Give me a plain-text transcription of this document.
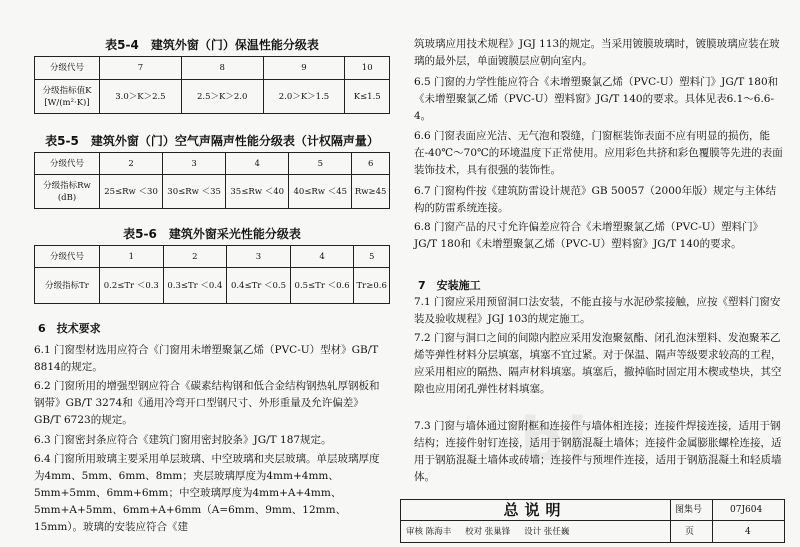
表5-4　建筑外窗（门）保温性能分级表
分级代号	7	8	9	10
分级指标值K [W/(m²·K)]	3.0＞K＞2.5	2.5＞K＞2.0	2.0＞K＞1.5	K≤1.5
表5-5　建筑外窗（门）空气声隔声性能分级表（计权隔声量）
分级代号	2	3	4	5	6
分级指标Rw (dB)	25≤Rw ＜30	30≤Rw ＜35	35≤Rw ＜40	40≤Rw ＜45	Rw≥45
表5-6　建筑外窗采光性能分级表
分级代号	1	2	3	4	5
分级指标Tr	0.2≤Tr ＜0.3	0.3≤Tr ＜0.4	0.4≤Tr ＜0.5	0.5≤Tr ＜0.6	Tr≥0.6
6　技术要求
6.1 门窗型材选用应符合《门窗用未增塑聚氯乙烯（PVC-U）型材》GB/T 8814的规定。
6.2 门窗所用的增强型钢应符合《碳素结构钢和低合金结构钢热轧厚钢板和钢带》GB/T 3274和《通用冷弯开口型钢尺寸、外形重量及允许偏差》GB/T 6723的规定。
6.3 门窗密封条应符合《建筑门窗用密封胶条》JG/T 187规定。
6.4 门窗所用玻璃主要采用单层玻璃、中空玻璃和夹层玻璃。单层玻璃厚度为4mm、5mm、6mm、8mm；夹层玻璃厚度为4mm+4mm、5mm+5mm、6mm+6mm；中空玻璃厚度为4mm+A+4mm、5mm+A+5mm、6mm+A+6mm（A=6mm、9mm、12mm、15mm）。玻璃的安装应符合《建
筑玻璃应用技术规程》JGJ 113的规定。当采用镀膜玻璃时，镀膜玻璃应装在玻璃的最外层，单面镀膜层应朝向室内。
6.5 门窗的力学性能应符合《未增塑聚氯乙烯（PVC-U）塑料门》JG/T 180和《未增塑聚氯乙烯（PVC-U）塑料窗》JG/T 140的要求。具体见表6.1～6.6-4。
6.6 门窗表面应光洁、无气泡和裂缝，门窗框装饰表面不应有明显的损伤，能在-40℃～70℃的环境温度下正常使用。应用彩色共挤和彩色覆膜等先进的表面装饰技术，具有很强的装饰性。
6.7 门窗构件按《建筑防雷设计规范》GB 50057（2000年版）规定与主体结构的防雷系统连接。
6.8 门窗产品的尺寸允许偏差应符合《未增塑聚氯乙烯（PVC-U）塑料门》JG/T 180和《未增塑聚氯乙烯（PVC-U）塑料窗》JG/T 140的要求。
7　安装施工
7.1 门窗应采用预留洞口法安装，不能直接与水泥砂浆接触，应按《塑料门窗安装及验收规程》JGJ 103的规定施工。
7.2 门窗与洞口之间的间隙内腔应采用发泡聚氨酯、闭孔泡沫塑料、发泡聚苯乙烯等弹性材料分层填塞，填塞不宜过紧。对于保温、隔声等级要求较高的工程，应采用相应的隔热、隔声材料填塞。填塞后，撤掉临时固定用木楔或垫块，其空隙也应用闭孔弹性材料填塞。
7.3 门窗与墙体通过窗附框和连接件与墙体相连接；连接件焊接连接，适用于钢结构；连接件射钉连接，适用于钢筋混凝土墙体；连接件金属膨胀螺栓连接，适用于钢筋混凝土墙体或砖墙；连接件与预埋件连接，适用于钢筋混凝土和轻质墙体。
bi
总说明	图集号	07J604
审核 陈海丰 　 校对 张巢锋 　 设计 张任巍	页	4
